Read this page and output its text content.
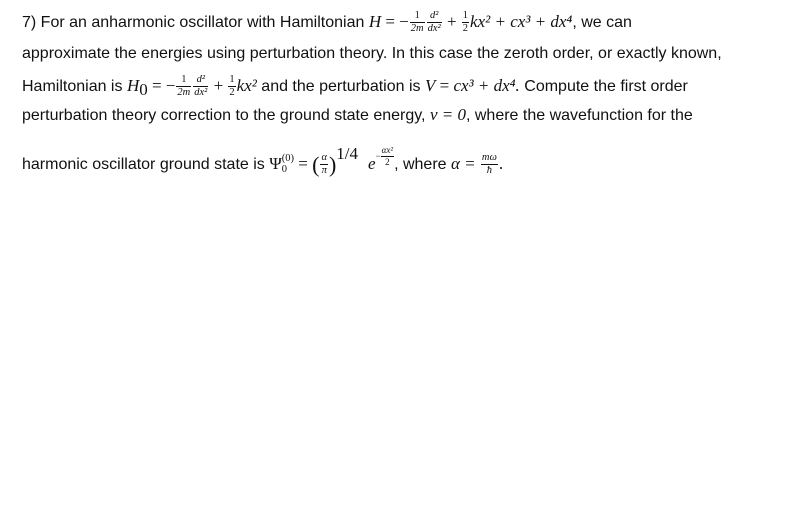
7) For an anharmonic oscillator with Hamiltonian H = − $\frac{1}{2m} \frac{\text{d²}}{\text{dx²}} + \frac{1}{2} kx^2 + cx^3 + dx^4$, we can
approximate the energies using perturbation theory. In this case the zeroth order, or exactly known,
Hamiltonian is $H_0$ = − $\frac{1}{2m} \frac{\text{d²}}{\text{dx²}} + \frac{1}{2} kx^2$ and the perturbation is V = cx³ + dx⁴. Compute the first order
perturbation theory correction to the ground state energy, v = 0, where the wavefunction for the
harmonic oscillator ground state is Ψ (0)
0 = ( $\frac{\alpha}{\pi} )^{1/4}e- \frac{\text{αx²}}{2}$ , where $\alpha = \frac{m\omega}{ħ}$ .
